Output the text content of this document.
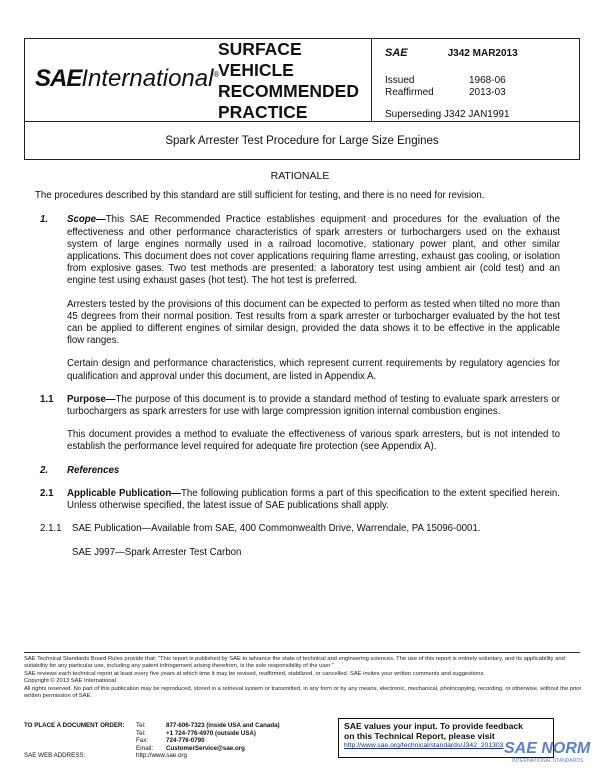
SAEInternational®
SURFACE
VEHICLE
RECOMMENDED
PRACTICE
SAE	J342 MAR2013
Issued	1968-06
Reaffirmed	2013-03
Superseding J342 JAN1991
Spark Arrester Test Procedure for Large Size Engines
RATIONALE
The procedures described by this standard are still sufficient for testing, and there is no need for revision.
1.	Scope—This SAE Recommended Practice establishes equipment and procedures for the evaluation of the effectiveness and other performance characteristics of spark arresters or turbochargers used on the exhaust system of large engines normally used in a railroad locomotive, stationary power plant, and other similar applications. This document does not cover applications requiring flame arresting, exhaust gas cooling, or isolation from explosive gases. Two test methods are presented: a laboratory test using ambient air (cold test) and an engine test using exhaust gases (hot test). The hot test is preferred.
Arresters tested by the provisions of this document can be expected to perform as tested when tilted no more than 45 degrees from their normal position. Test results from a spark arrester or turbocharger evaluated by the hot test can be applied to different engines of similar design, provided the data shows it to be effective in the applicable flow ranges.
Certain design and performance characteristics, which represent current requirements by regulatory agencies for qualification and approval under this document, are listed in Appendix A.
1.1	Purpose—The purpose of this document is to provide a standard method of testing to evaluate spark arresters or turbochargers as spark arresters for use with large compression ignition internal combustion engines.
This document provides a method to evaluate the effectiveness of various spark arresters, but is not intended to establish the performance level required for adequate fire protection (see Appendix A).
2.	References
2.1	Applicable Publication—The following publication forms a part of this specification to the extent specified herein. Unless otherwise specified, the latest issue of SAE publications shall apply.
2.1.1	SAE Publication—Available from SAE, 400 Commonwealth Drive, Warrendale, PA 15096-0001.
SAE J997—Spark Arrester Test Carbon
SAE Technical Standards Board Rules provide that: "This report is published by SAE to advance the state of technical and engineering sciences. The use of this report is entirely voluntary, and its applicability and suitability for any particular use, including any patent infringement arising therefrom, is the sole responsibility of the user."
SAE reviews each technical report at least every five years at which time it may be revised, reaffirmed, stabilized, or cancelled. SAE invites your written comments and suggestions.
Copyright © 2013 SAE International
All rights reserved. No part of this publication may be reproduced, stored in a retrieval system or transmitted, in any form or by any means, electronic, mechanical, photocopying, recording, or otherwise, without the prior written permission of SAE.
TO PLACE A DOCUMENT ORDER:	Tel:	877-606-7323 (inside USA and Canada)
Tel:	+1 724-776-4970 (outside USA)
Fax:	724-776-0790
Email:	CustomerService@sae.org
SAE WEB ADDRESS:	http://www.sae.org
SAE values your input. To provide feedback
on this Technical Report, please visit
http://www.sae.org/technical/standards/J342_201303 SAE NORM
INTERNATIONAL STANDARDS
